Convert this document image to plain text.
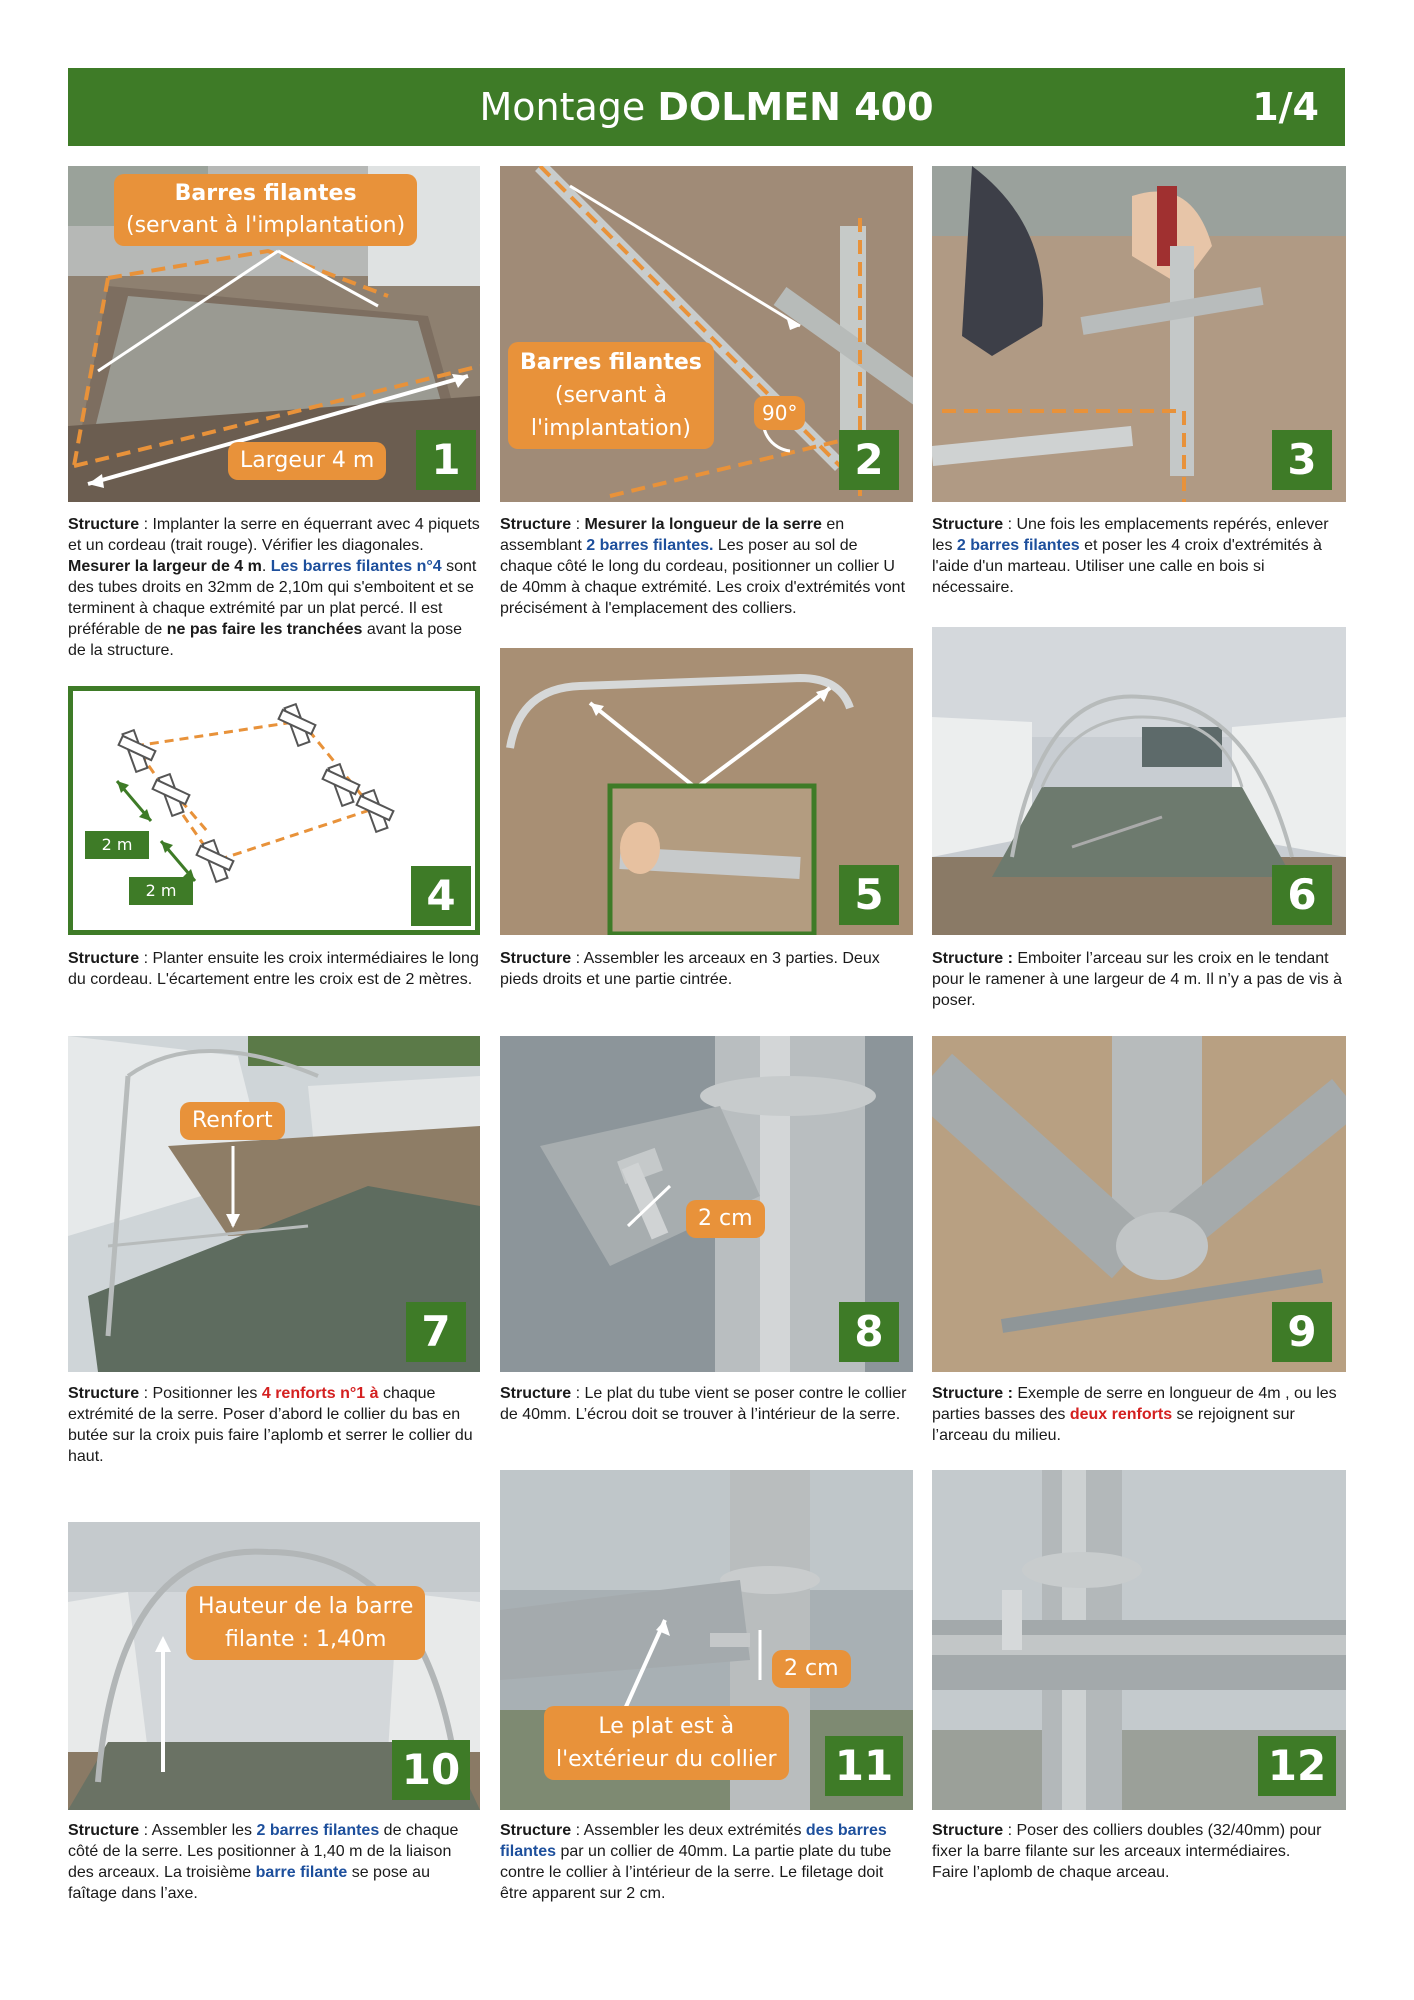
Montage DOLMEN 400	1/4
Barres filantes
(servant à l'implantation)
Largeur 4 m	1
Barres filantes
(servant à
l'implantation)
90°
2	3
Structure : Implanter la serre en équerrant avec 4 piquets et un cordeau (trait rouge). Vérifier les diagonales. Mesurer la largeur de 4 m. Les barres filantes n°4 sont des tubes droits en 32mm de 2,10m qui s'emboitent et se terminent à chaque extrémité par un plat percé. Il est préférable de ne pas faire les tranchées avant la pose de la structure.
Structure : Mesurer la longueur de la serre en assemblant 2 barres filantes. Les poser au sol de chaque côté le long du cordeau, positionner un collier U de 40mm à chaque extrémité. Les croix d'extrémités vont précisément à l'emplacement des colliers.
Structure : Une fois les emplacements repérés, enlever les 2 barres filantes et poser les 4 croix d'extrémités à l'aide d'un marteau. Utiliser une calle en bois si nécessaire.
2 m
2 m	4	5	6
Structure : Planter ensuite les croix intermédiaires le long du cordeau. L'écartement entre les croix est de 2 mètres.
Structure : Assembler les arceaux en 3 parties. Deux pieds droits et une partie cintrée.
Structure : Emboiter l’arceau sur les croix en le tendant pour le ramener à une largeur de 4 m. Il n’y a pas de vis à poser.
Renfort
7
2 cm
8	9
Structure : Positionner les 4 renforts n°1 à chaque extrémité de la serre. Poser d’abord le collier du bas en butée sur la croix puis faire l’aplomb et serrer le collier du haut.
Structure : Le plat du tube vient se poser contre le collier de 40mm. L’écrou doit se trouver à l’intérieur de la serre.
Structure : Exemple de serre en longueur de 4m , ou les parties basses des deux renforts se rejoignent sur l’arceau du milieu.
Hauteur de la barre
filante : 1,40m
10
2 cm
Le plat est à
l'extérieur du collier 11	12
Structure : Assembler les 2 barres filantes de chaque côté de la serre. Les positionner à 1,40 m de la liaison des arceaux. La troisième barre filante se pose au faîtage dans l’axe.
Structure : Assembler les deux extrémités des barres filantes par un collier de 40mm. La partie plate du tube contre le collier à l’intérieur de la serre. Le filetage doit être apparent sur 2 cm.
Structure : Poser des colliers doubles (32/40mm) pour fixer la barre filante sur les arceaux intermédiaires.
Faire l’aplomb de chaque arceau.
